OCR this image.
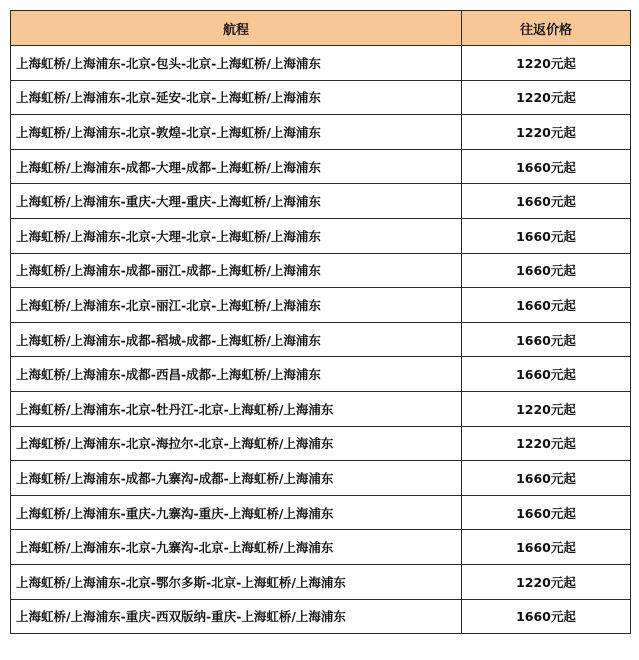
航程	往返价格
上海虹桥/上海浦东-北京-包头-北京-上海虹桥/上海浦东	1220元起
上海虹桥/上海浦东-北京-延安-北京-上海虹桥/上海浦东	1220元起
上海虹桥/上海浦东-北京-敦煌-北京-上海虹桥/上海浦东	1220元起
上海虹桥/上海浦东-成都-大理-成都-上海虹桥/上海浦东	1660元起
上海虹桥/上海浦东-重庆-大理-重庆-上海虹桥/上海浦东	1660元起
上海虹桥/上海浦东-北京-大理-北京-上海虹桥/上海浦东	1660元起
上海虹桥/上海浦东-成都-丽江-成都-上海虹桥/上海浦东	1660元起
上海虹桥/上海浦东-北京-丽江-北京-上海虹桥/上海浦东	1660元起
上海虹桥/上海浦东-成都-稻城-成都-上海虹桥/上海浦东	1660元起
上海虹桥/上海浦东-成都-西昌-成都-上海虹桥/上海浦东	1660元起
上海虹桥/上海浦东-北京-牡丹江-北京-上海虹桥/上海浦东	1220元起
上海虹桥/上海浦东-北京-海拉尔-北京-上海虹桥/上海浦东	1220元起
上海虹桥/上海浦东-成都-九寨沟-成都-上海虹桥/上海浦东	1660元起
上海虹桥/上海浦东-重庆-九寨沟-重庆-上海虹桥/上海浦东	1660元起
上海虹桥/上海浦东-北京-九寨沟-北京-上海虹桥/上海浦东	1660元起
上海虹桥/上海浦东-北京-鄂尔多斯-北京-上海虹桥/上海浦东	1220元起
上海虹桥/上海浦东-重庆-西双版纳-重庆-上海虹桥/上海浦东	1660元起
